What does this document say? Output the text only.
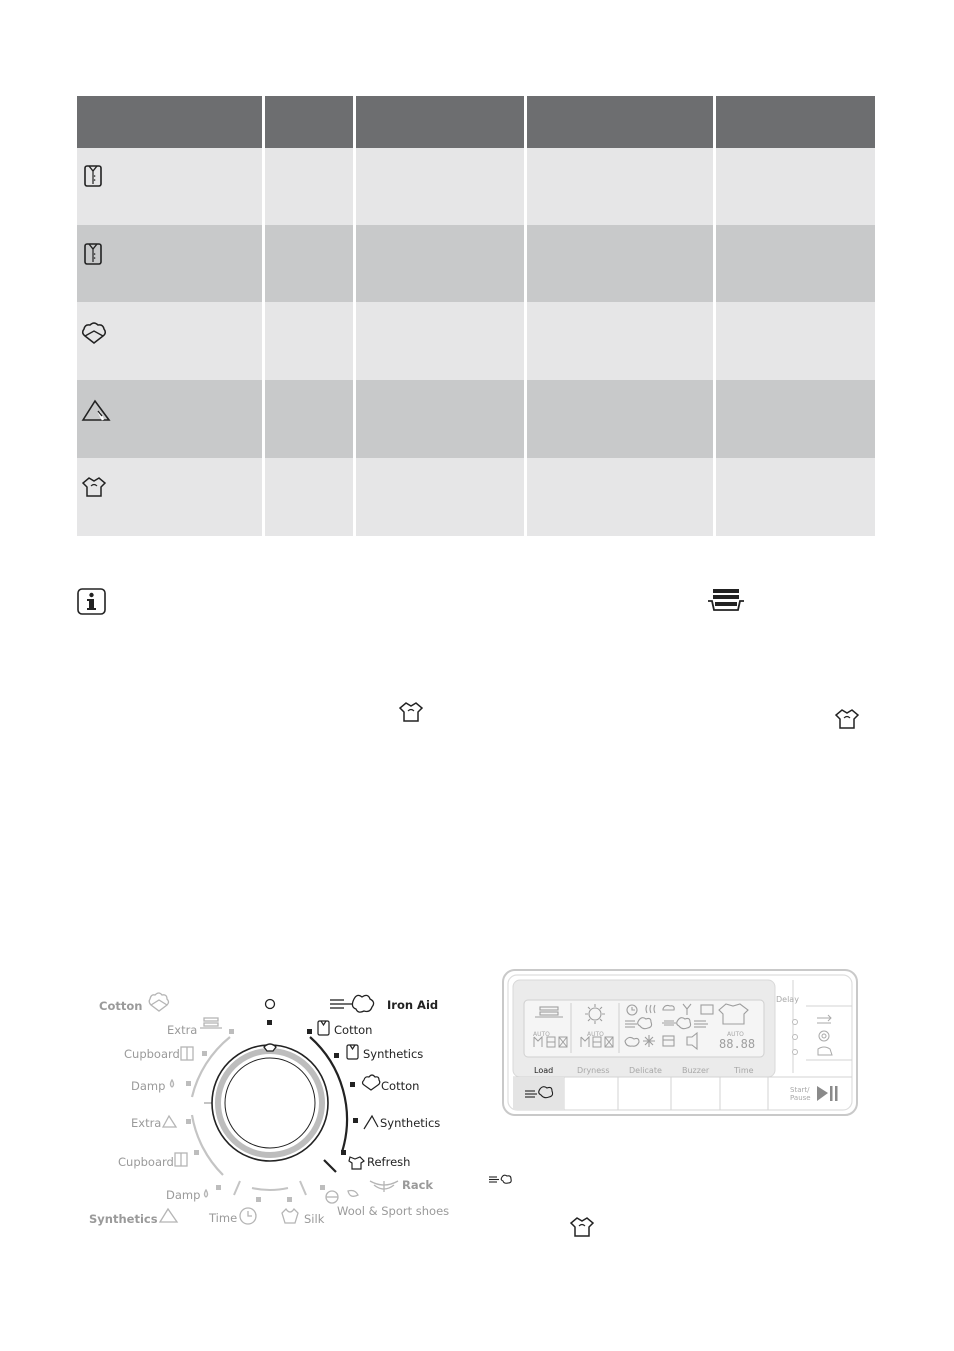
Iron Aid
Cotton
Synthetics
Cotton
Synthetics
Refresh
Rack
Wool & Sport shoes
Silk
Time
Damp
Synthetics
Cupboard
Extra
Damp
Cupboard
Extra
Cotton
AUTO	AUTO	AUTO
88.88
Delay
Load	Dryness Delicate	Buzzer	Time
Start/
Pause
